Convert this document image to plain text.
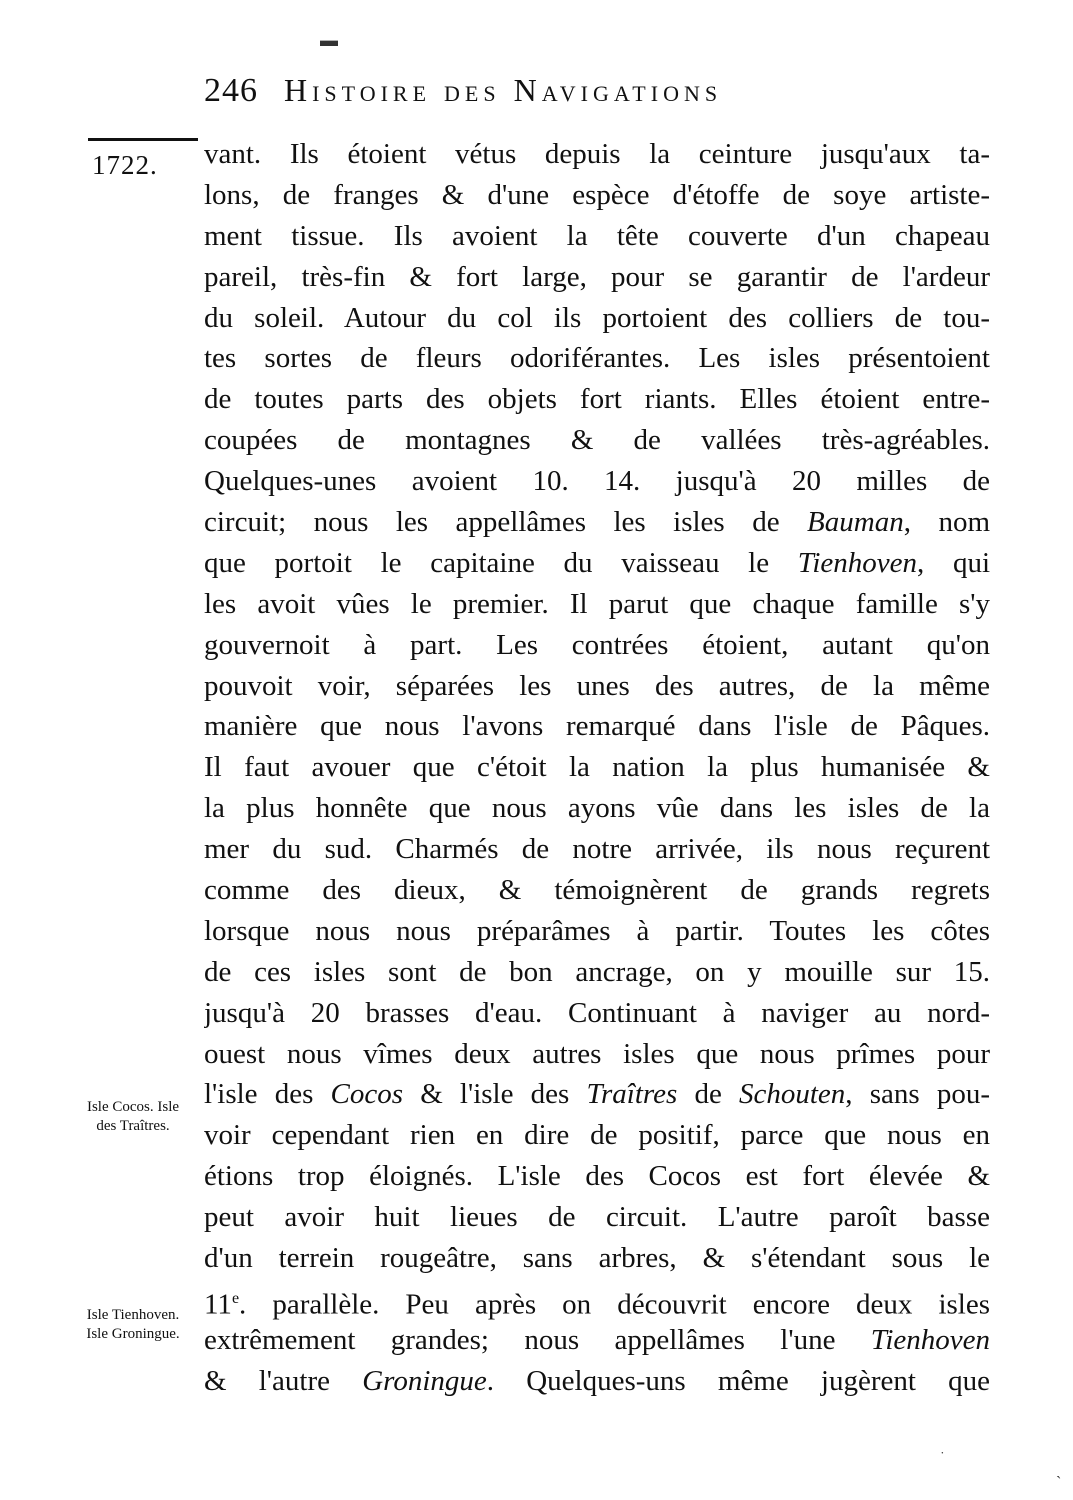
246 Histoire des Navigations
1722.
Isle Cocos. Isle des Traîtres.
Isle Tienhoven. Isle Groningue.
vant. Ils étoient vétus depuis la ceinture jusqu'aux ta-
lons, de franges & d'une espèce d'étoffe de soye artiste-
ment tissue. Ils avoient la tête couverte d'un chapeau
pareil, très-fin & fort large, pour se garantir de l'ardeur
du soleil. Autour du col ils portoient des colliers de tou-
tes sortes de fleurs odoriférantes. Les isles présentoient
de toutes parts des objets fort riants. Elles étoient entre-
coupées de montagnes & de vallées très-agréables.
Quelques-unes avoient 10. 14. jusqu'à 20 milles de
circuit; nous les appellâmes les isles de Bauman, nom
que portoit le capitaine du vaisseau le Tienhoven, qui
les avoit vûes le premier. Il parut que chaque famille s'y
gouvernoit à part. Les contrées étoient, autant qu'on
pouvoit voir, séparées les unes des autres, de la même
manière que nous l'avons remarqué dans l'isle de Pâques.
Il faut avouer que c'étoit la nation la plus humanisée &
la plus honnête que nous ayons vûe dans les isles de la
mer du sud. Charmés de notre arrivée, ils nous reçurent
comme des dieux, & témoignèrent de grands regrets
lorsque nous nous préparâmes à partir. Toutes les côtes
de ces isles sont de bon ancrage, on y mouille sur 15.
jusqu'à 20 brasses d'eau. Continuant à naviger au nord-
ouest nous vîmes deux autres isles que nous prîmes pour
l'isle des Cocos & l'isle des Traîtres de Schouten, sans pou-
voir cependant rien en dire de positif, parce que nous en
étions trop éloignés. L'isle des Cocos est fort élevée &
peut avoir huit lieues de circuit. L'autre paroît basse
d'un terrein rougeâtre, sans arbres, & s'étendant sous le
11e. parallèle. Peu après on découvrit encore deux isles
extrêmement grandes; nous appellâmes l'une Tienhoven
& l'autre Groningue. Quelques-uns même jugèrent que
▬
˙
ˏ
